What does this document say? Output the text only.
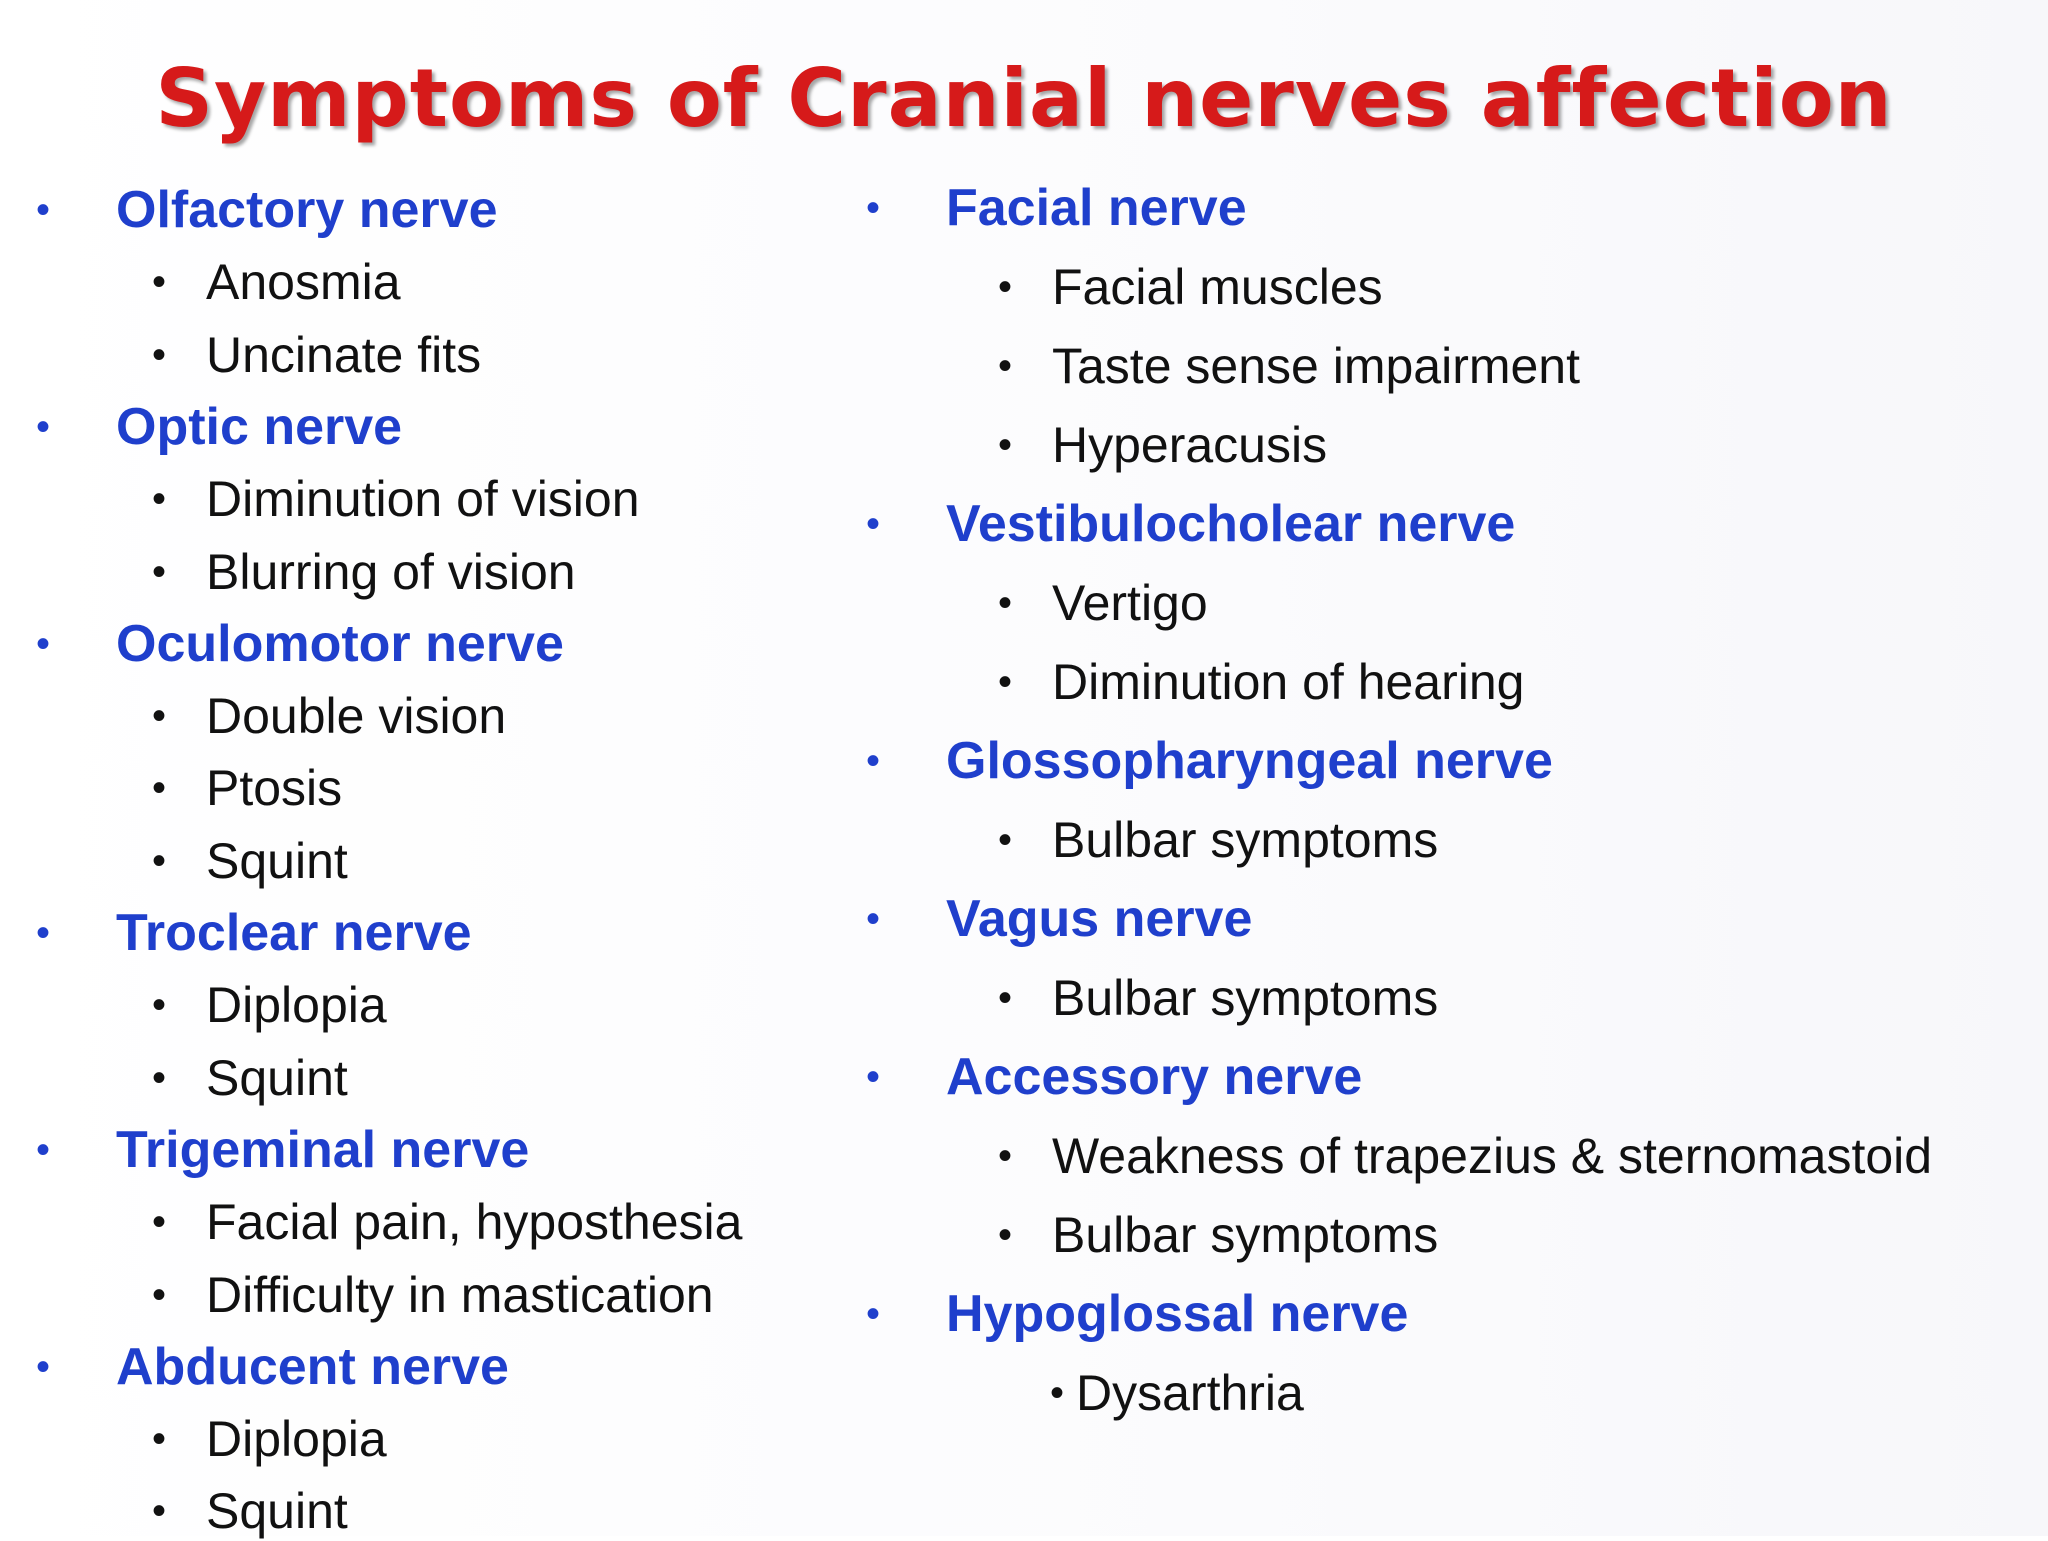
Symptoms of Cranial nerves affection
• Olfactory nerve
• Anosmia
• Uncinate fits
• Optic nerve
• Diminution of vision
• Blurring of vision
• Oculomotor nerve
• Double vision
• Ptosis
• Squint
• Troclear nerve
• Diplopia
• Squint
• Trigeminal nerve
• Facial pain, hyposthesia
• Difficulty in mastication
• Abducent nerve
• Diplopia
• Squint
• Facial nerve
• Facial muscles
• Taste sense impairment
• Hyperacusis
• Vestibulocholear nerve
• Vertigo
• Diminution of hearing
• Glossopharyngeal nerve
• Bulbar symptoms
• Vagus nerve
• Bulbar symptoms
• Accessory nerve
• Weakness of trapezius & sternomastoid
• Bulbar symptoms
• Hypoglossal nerve
• Dysarthria
